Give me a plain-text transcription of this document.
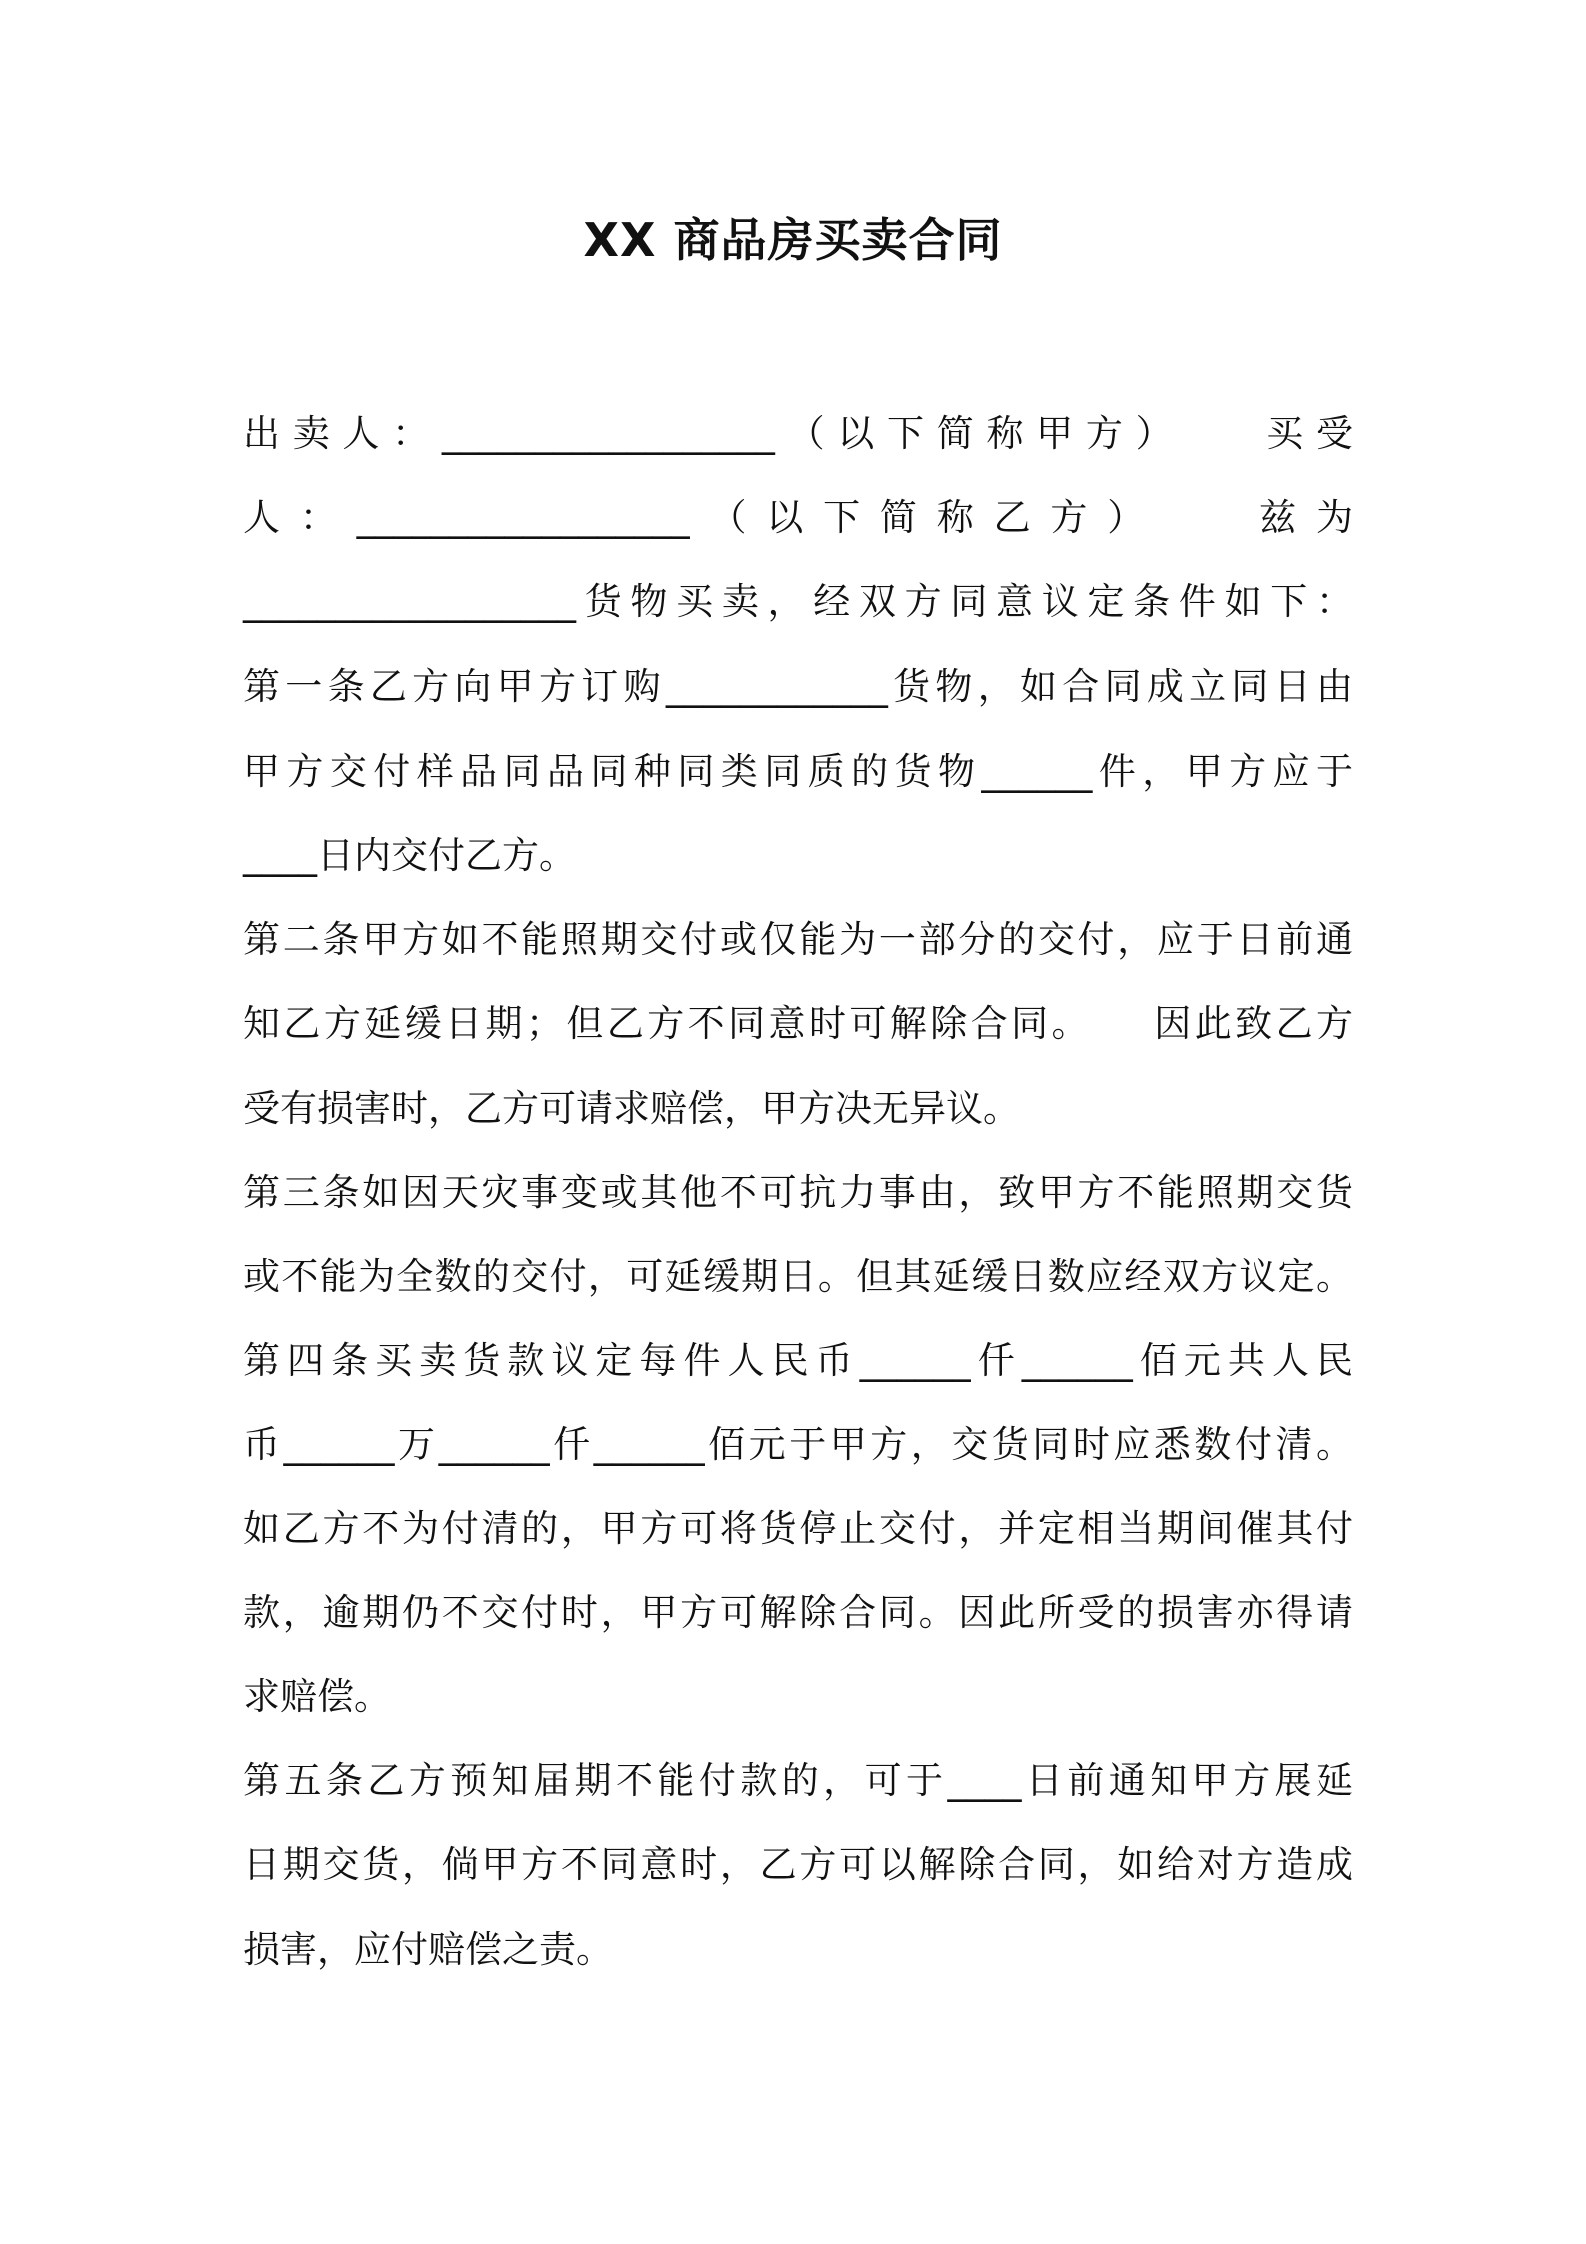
XX 商品房买卖合同
出卖人：__________________（以下简称甲方）　　买受
人：__________________（以下简称乙方）　　兹为
__________________货物买卖，经双方同意议定条件如下：
第一条乙方向甲方订购____________货物，如合同成立同日由
甲方交付样品同品同种同类同质的货物______件，甲方应于
____日内交付乙方。
第二条甲方如不能照期交付或仅能为一部分的交付，应于日前通
知乙方延缓日期；但乙方不同意时可解除合同。　　因此致乙方
受有损害时，乙方可请求赔偿，甲方决无异议。
第三条如因天灾事变或其他不可抗力事由，致甲方不能照期交货
或不能为全数的交付，可延缓期日。但其延缓日数应经双方议定。
第四条买卖货款议定每件人民币______仟______佰元共人民
币______万______仟______佰元于甲方，交货同时应悉数付清。
如乙方不为付清的，甲方可将货停止交付，并定相当期间催其付
款，逾期仍不交付时，甲方可解除合同。因此所受的损害亦得请
求赔偿。
第五条乙方预知届期不能付款的，可于____日前通知甲方展延
日期交货，倘甲方不同意时，乙方可以解除合同，如给对方造成
损害，应付赔偿之责。
